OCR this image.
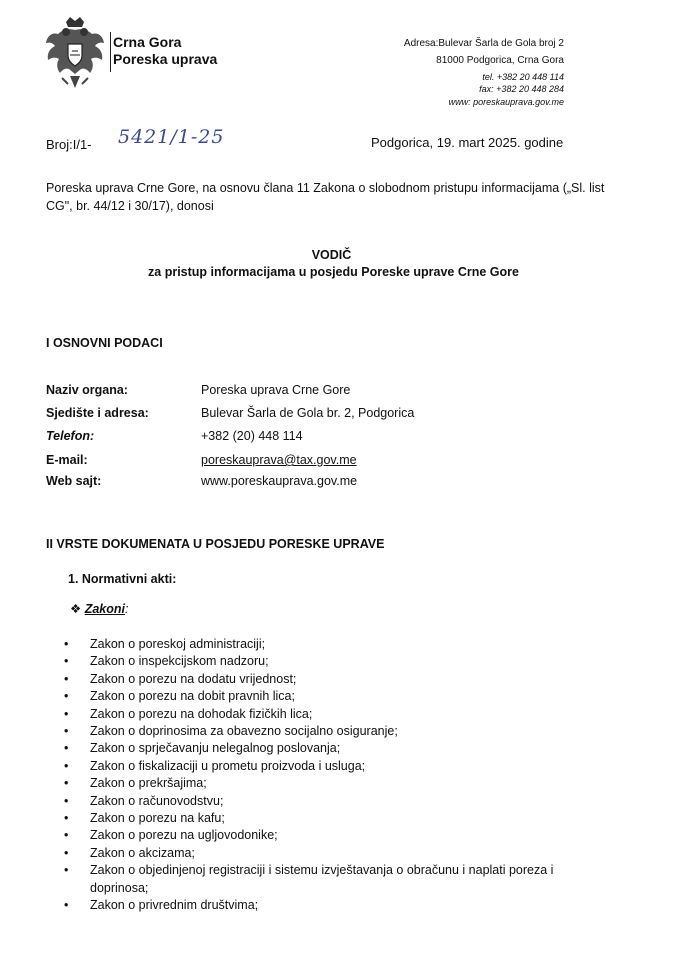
Crna Gora
Poreska uprava
Adresa:Bulevar Šarla de Gola broj 2
81000 Podgorica, Crna Gora
tel. +382 20 448 114
fax: +382 20 448 284
www: poreskauprava.gov.me
Broj:I/1- 5421/1-25	Podgorica, 19. mart 2025. godine
Poreska uprava Crne Gore, na osnovu člana 11 Zakona o slobodnom pristupu informacijama („Sl. list CG", br. 44/12 i 30/17), donosi
VODIČ
za pristup informacijama u posjedu Poreske uprave Crne Gore
I OSNOVNI PODACI
Naziv organa:	Poreska uprava Crne Gore
Sjedište i adresa:	Bulevar Šarla de Gola br. 2, Podgorica
Telefon:	+382 (20) 448 114
E-mail:	poreskauprava@tax.gov.me
Web sajt:	www.poreskauprava.gov.me
II VRSTE DOKUMENATA U POSJEDU PORESKE UPRAVE
1. Normativni akti:
❖ Zakoni:
• Zakon o poreskoj administraciji;
• Zakon o inspekcijskom nadzoru;
• Zakon o porezu na dodatu vrijednost;
• Zakon o porezu na dobit pravnih lica;
• Zakon o porezu na dohodak fizičkih lica;
• Zakon o doprinosima za obavezno socijalno osiguranje;
• Zakon o sprječavanju nelegalnog poslovanja;
• Zakon o fiskalizaciji u prometu proizvoda i usluga;
• Zakon o prekršajima;
• Zakon o računovodstvu;
• Zakon o porezu na kafu;
• Zakon o porezu na ugljovodonike;
• Zakon o akcizama;
• Zakon o objedinjenoj registraciji i sistemu izvještavanja o obračunu i naplati poreza i doprinosa;
• Zakon o privrednim društvima;
